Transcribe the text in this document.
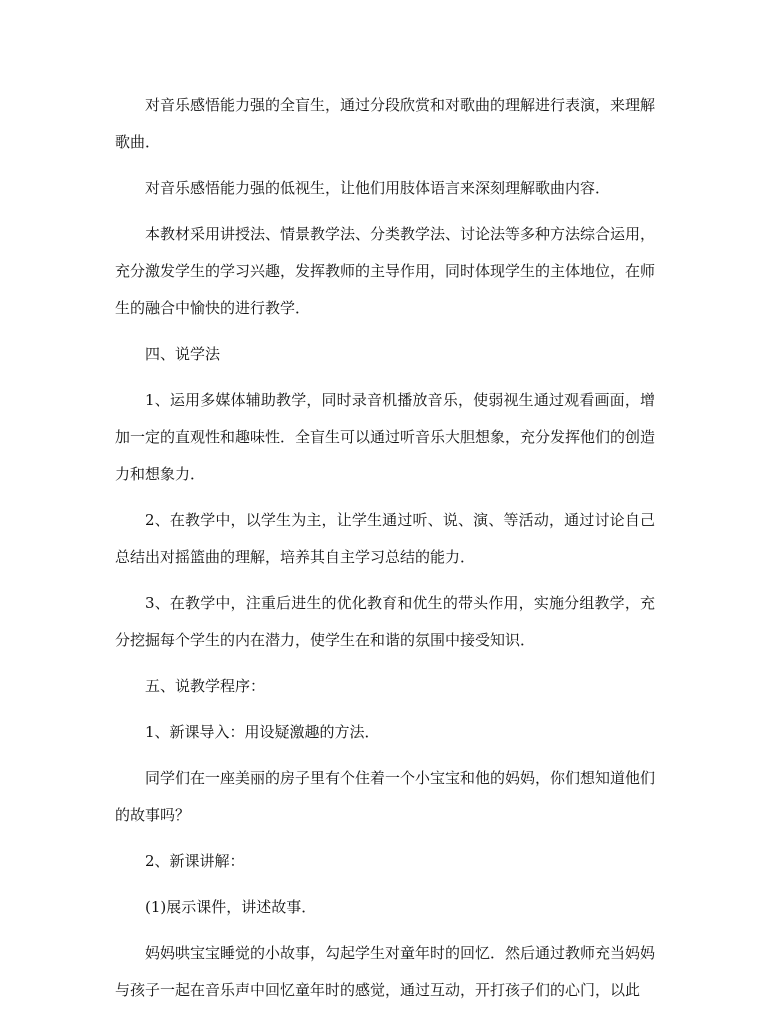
对音乐感悟能力强的全盲生，通过分段欣赏和对歌曲的理解进行表演，来理解歌曲．

对音乐感悟能力强的低视生，让他们用肢体语言来深刻理解歌曲内容．

本教材采用讲授法、情景教学法、分类教学法、讨论法等多种方法综合运用，充分激发学生的学习兴趣，发挥教师的主导作用，同时体现学生的主体地位，在师生的融合中愉快的进行教学．

四、说学法

1、运用多媒体辅助教学，同时录音机播放音乐，使弱视生通过观看画面，增加一定的直观性和趣味性．全盲生可以通过听音乐大胆想象，充分发挥他们的创造力和想象力．

2、在教学中，以学生为主，让学生通过听、说、演、等活动，通过讨论自己总结出对摇篮曲的理解，培养其自主学习总结的能力．

3、在教学中，注重后进生的优化教育和优生的带头作用，实施分组教学，充分挖掘每个学生的内在潜力，使学生在和谐的氛围中接受知识．

五、说教学程序：

1、新课导入：用设疑激趣的方法．

同学们在一座美丽的房子里有个住着一个小宝宝和他的妈妈，你们想知道他们的故事吗？

2、新课讲解：

(1)展示课件，讲述故事．

妈妈哄宝宝睡觉的小故事，勾起学生对童年时的回忆．然后通过教师充当妈妈与孩子一起在音乐声中回忆童年时的感觉，通过互动，开打孩子们的心门，以此
